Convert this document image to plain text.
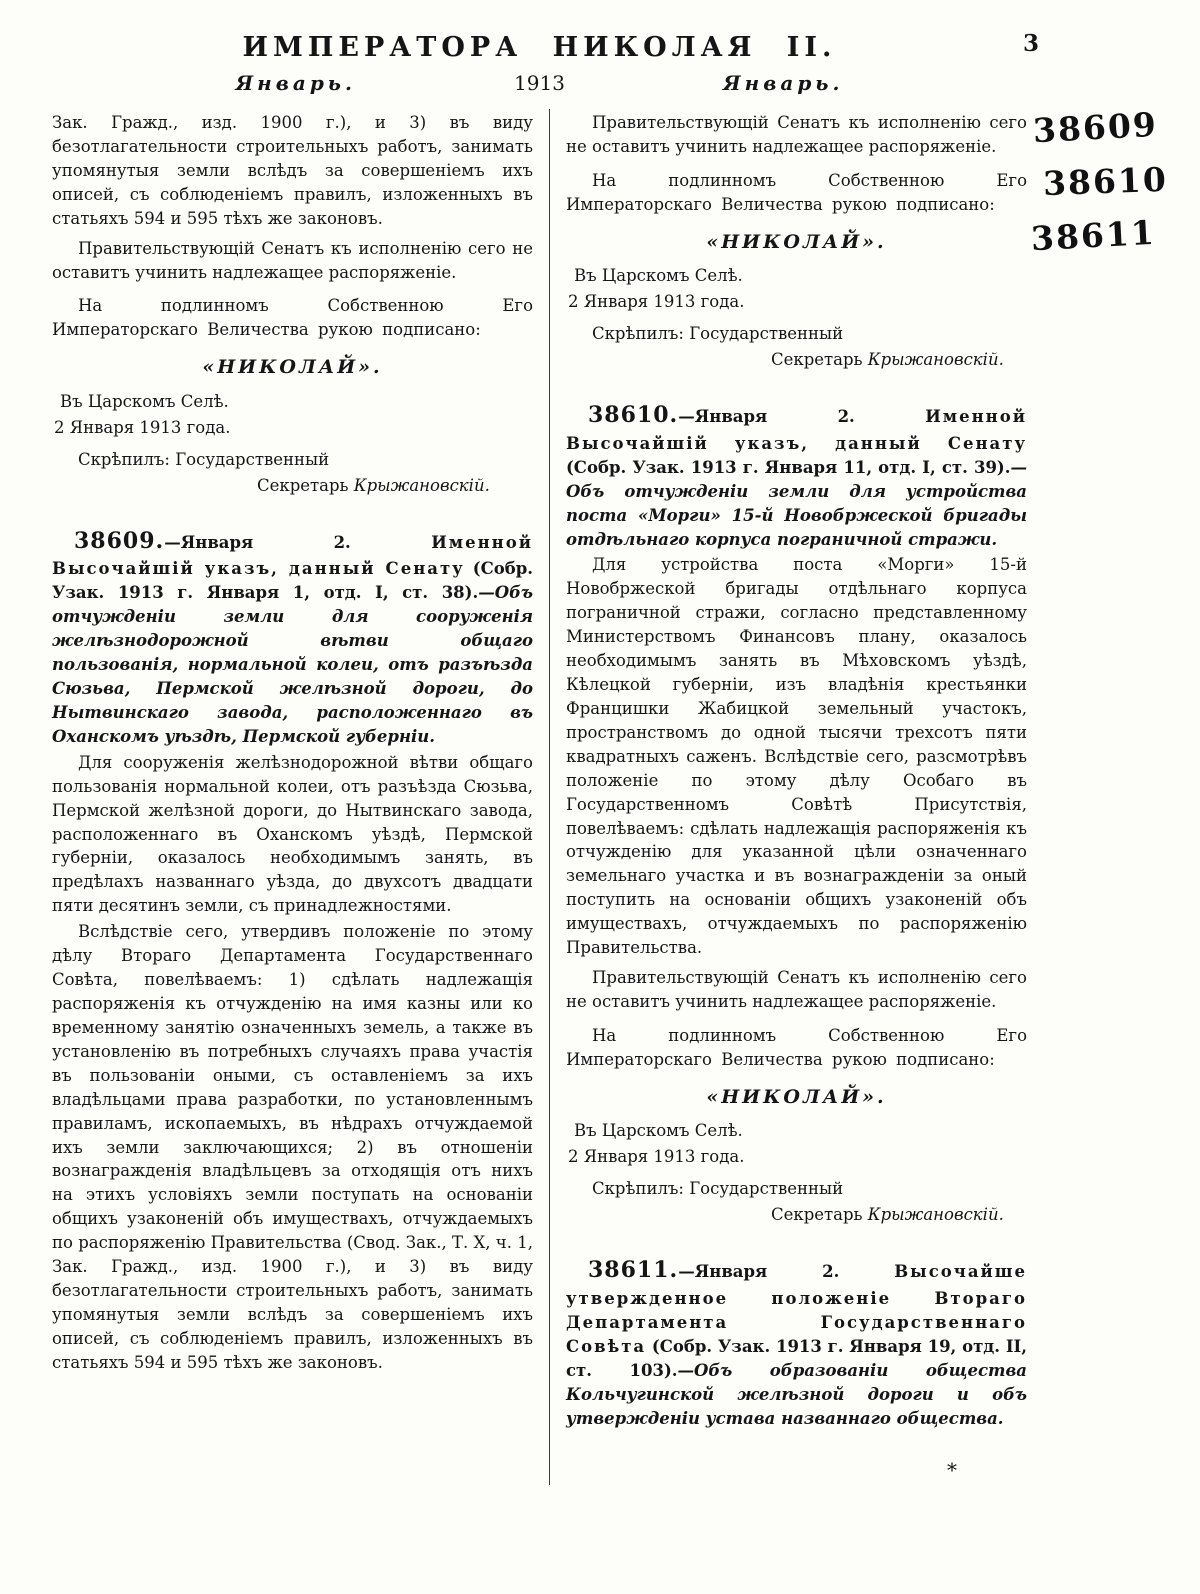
38609
38610
38611
3
ИМПЕРАТОРА НИКОЛАЯ II.
Январь.	Январь.
1913

Зак. Гражд., изд. 1900 г.), и 3) въ виду безотлагательности строительныхъ работъ, занимать упомянутыя земли вслѣдъ за совершеніемъ ихъ описей, съ соблюденіемъ правилъ, изложенныхъ въ статьяхъ 594 и 595 тѣхъ же законовъ.

Правительствующій Сенатъ къ исполненію сего не оставитъ учинить надлежащее распоряженіе.

На подлинномъ Собственною Его Императорскаго Величества рукою подписано:

«НИКОЛАЙ».

Въ Царскомъ Селѣ.

2 Января 1913 года.

Скрѣпилъ: Государственный

Секретарь Крыжановскій.

38609.—Января 2.	Именной Высочайшій указъ, данный Сенату (Собр. Узак. 1913 г. Января 1, отд. I, ст. 38).—Объ отчужденіи земли для сооруженія желѣзнодорожной вѣтви общаго пользованія, нормальной колеи, отъ разъѣзда Сюзьва, Пермской желѣзной дороги, до Нытвинскаго завода, расположеннаго въ Оханскомъ уѣздѣ, Пермской губерніи.

Для сооруженія желѣзнодорожной вѣтви общаго пользованія нормальной колеи, отъ разъѣзда Сюзьва, Пермской желѣзной дороги, до Нытвинскаго завода, расположеннаго въ Оханскомъ уѣздѣ, Пермской губерніи, оказалось необходимымъ занять, въ предѣлахъ названнаго уѣзда, до двухсотъ двадцати пяти десятинъ земли, съ принадлежностями.

Вслѣдствіе сего, утвердивъ положеніе по этому дѣлу Втораго Департамента Государственнаго Совѣта, повелѣваемъ: 1) сдѣлать надлежащія распоряженія къ отчужденію на имя казны или ко временному занятію означенныхъ земель, а также въ установленію въ потребныхъ случаяхъ права участія въ пользованіи оными, съ оставленіемъ за ихъ владѣльцами права разработки, по установленнымъ правиламъ, ископаемыхъ, въ нѣдрахъ отчуждаемой ихъ земли заключающихся; 2) въ отношеніи вознагражденія владѣльцевъ за отходящія отъ нихъ на этихъ условіяхъ земли поступать на основаніи общихъ узаконеній объ имуществахъ, отчуждаемыхъ по распоряженію Правительства (Свод. Зак., Т. X, ч. 1, Зак. Гражд., изд. 1900 г.), и 3) въ виду безотлагательности строительныхъ работъ, занимать упомянутыя земли вслѣдъ за совершеніемъ ихъ описей, съ соблюденіемъ правилъ, изложенныхъ въ статьяхъ 594 и 595 тѣхъ же законовъ.

Правительствующій Сенатъ къ исполненію сего не оставитъ учинить надлежащее распоряженіе.

На подлинномъ Собственною Его Императорскаго Величества рукою подписано:

«НИКОЛАЙ».

Въ Царскомъ Селѣ.

2 Января 1913 года.

Скрѣпилъ: Государственный

Секретарь Крыжановскій.

38610.—Января 2.	Именной Высочайшій указъ, данный Сенату (Собр. Узак. 1913 г. Января 11, отд. I, ст. 39).—Объ отчужденіи земли для устройства поста «Морги» 15-й Новобржеской бригады отдѣльнаго корпуса пограничной стражи.

Для устройства поста «Морги» 15-й Новобржеской бригады отдѣльнаго корпуса пограничной стражи, согласно представленному Министерствомъ Финансовъ плану, оказалось необходимымъ занять въ Мѣховскомъ уѣздѣ, Кѣлецкой губерніи, изъ владѣнія крестьянки Францишки Жабицкой земельный участокъ, пространствомъ до одной тысячи трехсотъ пяти квадратныхъ саженъ. Вслѣдствіе сего, разсмотрѣвъ положеніе по этому дѣлу Особаго въ Государственномъ Совѣтѣ Присутствія, повелѣваемъ: сдѣлать надлежащія распоряженія къ отчужденію для указанной цѣли означеннаго земельнаго участка и въ вознагражденіи за оный поступить на основаніи общихъ узаконеній объ имуществахъ, отчуждаемыхъ по распоряженію Правительства.

Правительствующій Сенатъ къ исполненію сего не оставитъ учинить надлежащее распоряженіе.

На подлинномъ Собственною Его Императорскаго Величества рукою подписано:

«НИКОЛАЙ».

Въ Царскомъ Селѣ.

2 Января 1913 года.

Скрѣпилъ: Государственный

Секретарь Крыжановскій.

38611.—Января 2.	Высочайше утвержденное положеніе Втораго Департамента Государственнаго Совѣта (Собр. Узак. 1913 г. Января 19, отд. II, ст. 103).—Объ образованіи общества Кольчугинской желѣзной дороги и объ утвержденіи устава названнаго общества.

*
